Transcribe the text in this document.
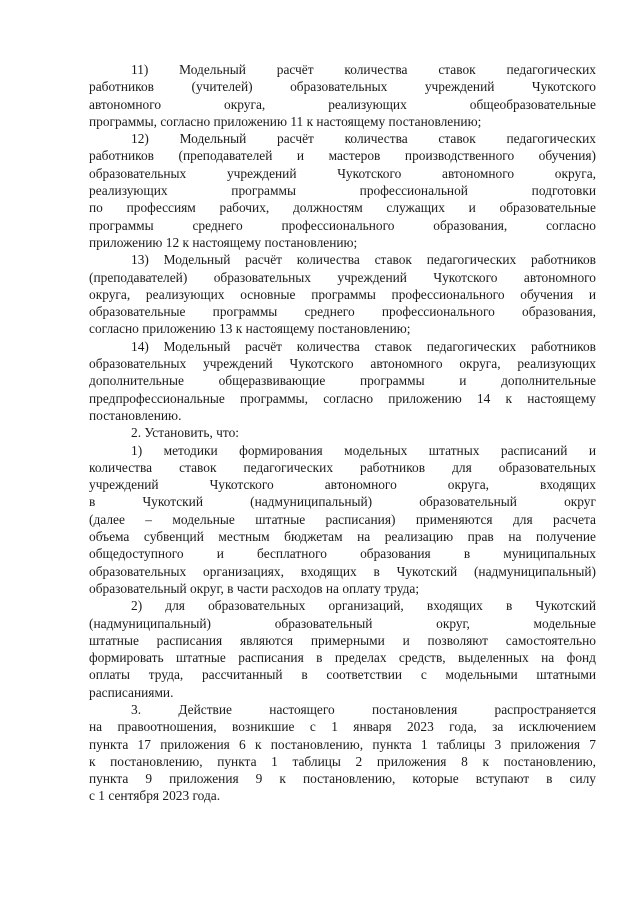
11) Модельный расчёт количества ставок педагогических
работников (учителей) образовательных учреждений Чукотского
автономного округа, реализующих общеобразовательные
программы, согласно приложению 11 к настоящему постановлению;

12) Модельный расчёт количества ставок педагогических
работников (преподавателей и мастеров производственного обучения)
образовательных учреждений Чукотского автономного округа,
реализующих программы профессиональной подготовки
по профессиям рабочих, должностям служащих и образовательные
программы среднего профессионального образования, согласно
приложению 12 к настоящему постановлению;

13) Модельный расчёт количества ставок педагогических работников
(преподавателей) образовательных учреждений Чукотского автономного
округа, реализующих основные программы профессионального обучения и
образовательные программы среднего профессионального образования,
согласно приложению 13 к настоящему постановлению;

14) Модельный расчёт количества ставок педагогических работников
образовательных учреждений Чукотского автономного округа, реализующих
дополнительные общеразвивающие программы и дополнительные
предпрофессиональные программы, согласно приложению 14 к настоящему
постановлению.

2. Установить, что:

1) методики формирования модельных штатных расписаний и
количества ставок педагогических работников для образовательных
учреждений Чукотского автономного округа, входящих
в Чукотский (надмуниципальный) образовательный округ
(далее – модельные штатные расписания) применяются для расчета
объема субвенций местным бюджетам на реализацию прав на получение
общедоступного и бесплатного образования в муниципальных
образовательных организациях, входящих в Чукотский (надмуниципальный)
образовательный округ, в части расходов на оплату труда;

2) для образовательных организаций, входящих в Чукотский
(надмуниципальный) образовательный округ, модельные
штатные расписания являются примерными и позволяют самостоятельно
формировать штатные расписания в пределах средств, выделенных на фонд
оплаты труда, рассчитанный в соответствии с модельными штатными
расписаниями.

3. Действие настоящего постановления распространяется
на правоотношения, возникшие с 1 января 2023 года, за исключением
пункта 17 приложения 6 к постановлению, пункта 1 таблицы 3 приложения 7
к постановлению, пункта 1 таблицы 2 приложения 8 к постановлению,
пункта 9 приложения 9 к постановлению, которые вступают в силу
с 1 сентября 2023 года.
